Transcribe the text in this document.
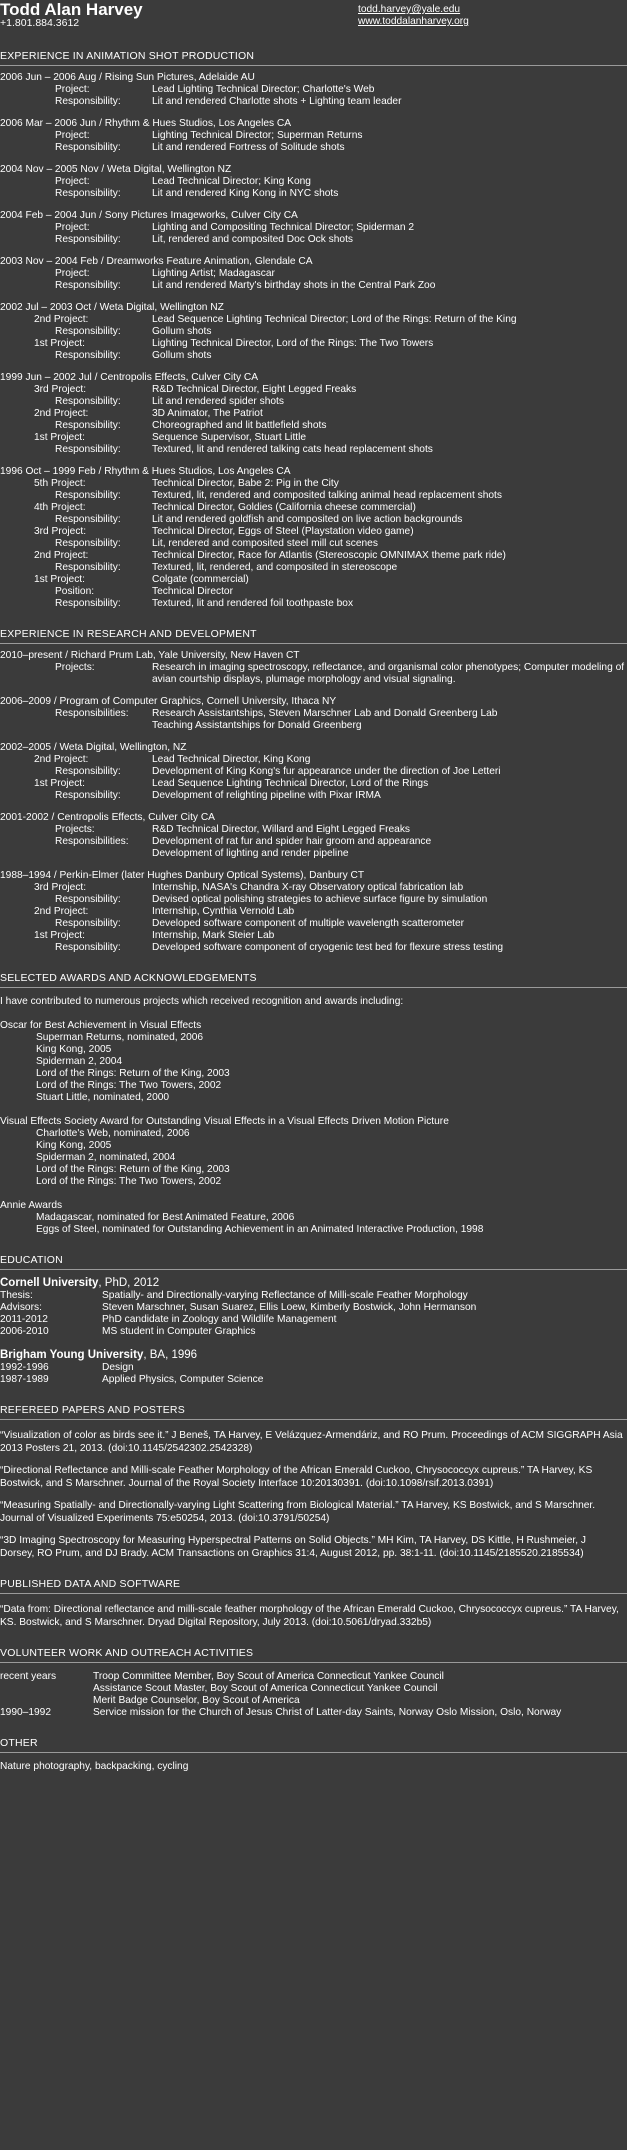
Todd Alan Harvey
+1.801.884.3612
todd.harvey@yale.edu
www.toddalanharvey.org
EXPERIENCE IN ANIMATION SHOT PRODUCTION
2006 Jun – 2006 Aug / Rising Sun Pictures, Adelaide AU
Project:	Lead Lighting Technical Director; Charlotte's Web
Responsibility:	Lit and rendered Charlotte shots + Lighting team leader
2006 Mar – 2006 Jun / Rhythm & Hues Studios, Los Angeles CA
Project:	Lighting Technical Director; Superman Returns
Responsibility:	Lit and rendered Fortress of Solitude shots
2004 Nov – 2005 Nov / Weta Digital, Wellington NZ
Project:	Lead Technical Director; King Kong
Responsibility:	Lit and rendered King Kong in NYC shots
2004 Feb – 2004 Jun / Sony Pictures Imageworks, Culver City CA
Project:	Lighting and Compositing Technical Director; Spiderman 2
Responsibility:	Lit, rendered and composited Doc Ock shots
2003 Nov – 2004 Feb / Dreamworks Feature Animation, Glendale CA
Project:	Lighting Artist; Madagascar
Responsibility:	Lit and rendered Marty's birthday shots in the Central Park Zoo
2002 Jul – 2003 Oct / Weta Digital, Wellington NZ
2nd Project:	Lead Sequence Lighting Technical Director; Lord of the Rings: Return of the King
Responsibility:	Gollum shots
1st Project:	Lighting Technical Director, Lord of the Rings: The Two Towers
Responsibility:	Gollum shots
1999 Jun – 2002 Jul / Centropolis Effects, Culver City CA
3rd Project:	R&D Technical Director, Eight Legged Freaks
Responsibility:	Lit and rendered spider shots
2nd Project:	3D Animator, The Patriot
Responsibility:	Choreographed and lit battlefield shots
1st Project:	Sequence Supervisor, Stuart Little
Responsibility:	Textured, lit and rendered talking cats head replacement shots
1996 Oct – 1999 Feb / Rhythm & Hues Studios, Los Angeles CA
5th Project:	Technical Director, Babe 2: Pig in the City
Responsibility:	Textured, lit, rendered and composited talking animal head replacement shots
4th Project:	Technical Director, Goldies (California cheese commercial)
Responsibility:	Lit and rendered goldfish and composited on live action backgrounds
3rd Project:	Technical Director, Eggs of Steel (Playstation video game)
Responsibility:	Lit, rendered and composited steel mill cut scenes
2nd Project:	Technical Director, Race for Atlantis (Stereoscopic OMNIMAX theme park ride)
Responsibility:	Textured, lit, rendered, and composited in stereoscope
1st Project:	Colgate (commercial)
Position:	Technical Director
Responsibility:	Textured, lit and rendered foil toothpaste box
EXPERIENCE IN RESEARCH AND DEVELOPMENT
2010–present / Richard Prum Lab, Yale University, New Haven CT
Projects:	Research in imaging spectroscopy, reflectance, and organismal color phenotypes; Computer modeling of avian courtship displays, plumage morphology and visual signaling.
2006–2009 / Program of Computer Graphics, Cornell University, Ithaca NY
Responsibilities:	Research Assistantships, Steven Marschner Lab and Donald Greenberg Lab
Teaching Assistantships for Donald Greenberg
2002–2005 / Weta Digital, Wellington, NZ
2nd Project:	Lead Technical Director, King Kong
Responsibility:	Development of King Kong's fur appearance under the direction of Joe Letteri
1st Project:	Lead Sequence Lighting Technical Director, Lord of the Rings
Responsibility:	Development of relighting pipeline with Pixar IRMA
2001-2002 / Centropolis Effects, Culver City CA
Projects:	R&D Technical Director, Willard and Eight Legged Freaks
Responsibilities:	Development of rat fur and spider hair groom and appearance
Development of lighting and render pipeline
1988–1994 / Perkin-Elmer (later Hughes Danbury Optical Systems), Danbury CT
3rd Project:	Internship, NASA's Chandra X-ray Observatory optical fabrication lab
Responsibility:	Devised optical polishing strategies to achieve surface figure by simulation
2nd Project:	Internship, Cynthia Vernold Lab
Responsibility:	Developed software component of multiple wavelength scatterometer
1st Project:	Internship, Mark Steier Lab
Responsibility:	Developed software component of cryogenic test bed for flexure stress testing
SELECTED AWARDS AND ACKNOWLEDGEMENTS
I have contributed to numerous projects which received recognition and awards including:
Oscar for Best Achievement in Visual Effects
Superman Returns, nominated, 2006
King Kong, 2005
Spiderman 2, 2004
Lord of the Rings: Return of the King, 2003
Lord of the Rings: The Two Towers, 2002
Stuart Little, nominated, 2000
Visual Effects Society Award for Outstanding Visual Effects in a Visual Effects Driven Motion Picture
Charlotte's Web, nominated, 2006
King Kong, 2005
Spiderman 2, nominated, 2004
Lord of the Rings: Return of the King, 2003
Lord of the Rings: The Two Towers, 2002
Annie Awards
Madagascar, nominated for Best Animated Feature, 2006
Eggs of Steel, nominated for Outstanding Achievement in an Animated Interactive Production, 1998
EDUCATION
Cornell University, PhD, 2012
Thesis:	Spatially- and Directionally-varying Reflectance of Milli-scale Feather Morphology
Advisors:	Steven Marschner, Susan Suarez, Ellis Loew, Kimberly Bostwick, John Hermanson
2011-2012	PhD candidate in Zoology and Wildlife Management
2006-2010	MS student in Computer Graphics
Brigham Young University, BA, 1996
1992-1996	Design
1987-1989	Applied Physics, Computer Science
REFEREED PAPERS AND POSTERS
“Visualization of color as birds see it.” J Beneš, TA Harvey, E Velázquez-Armendáriz, and RO Prum. Proceedings of ACM SIGGRAPH Asia 2013 Posters 21, 2013. (doi:10.1145/2542302.2542328)
“Directional Reflectance and Milli-scale Feather Morphology of the African Emerald Cuckoo, Chrysococcyx cupreus.” TA Harvey, KS Bostwick, and S Marschner. Journal of the Royal Society Interface 10:20130391. (doi:10.1098/rsif.2013.0391)
“Measuring Spatially- and Directionally-varying Light Scattering from Biological Material.” TA Harvey, KS Bostwick, and S Marschner. Journal of Visualized Experiments 75:e50254, 2013. (doi:10.3791/50254)
“3D Imaging Spectroscopy for Measuring Hyperspectral Patterns on Solid Objects.” MH Kim, TA Harvey, DS Kittle, H Rushmeier, J Dorsey, RO Prum, and DJ Brady. ACM Transactions on Graphics 31:4, August 2012, pp. 38:1-11. (doi:10.1145/2185520.2185534)
PUBLISHED DATA AND SOFTWARE
“Data from: Directional reflectance and milli-scale feather morphology of the African Emerald Cuckoo, Chrysococcyx cupreus.” TA Harvey, KS. Bostwick, and S Marschner. Dryad Digital Repository, July 2013. (doi:10.5061/dryad.332b5)
VOLUNTEER WORK AND OUTREACH ACTIVITIES
recent years	Troop Committee Member, Boy Scout of America Connecticut Yankee Council
Assistance Scout Master, Boy Scout of America Connecticut Yankee Council
Merit Badge Counselor, Boy Scout of America
1990–1992	Service mission for the Church of Jesus Christ of Latter-day Saints, Norway Oslo Mission, Oslo, Norway
OTHER
Nature photography, backpacking, cycling
